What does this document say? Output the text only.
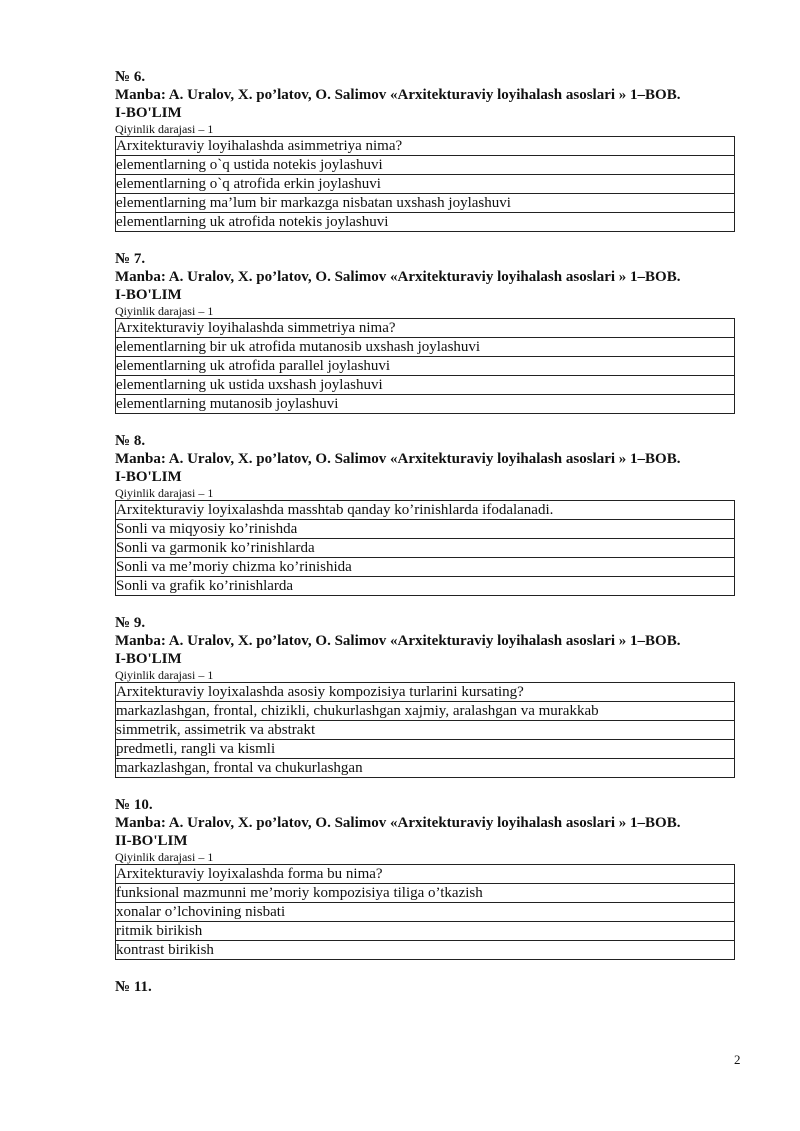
№ 6.
Manba: A. Uralov, X. po’latov, O. Salimov «Arxitekturaviy loyihalash asoslari » 1–BOB.
I-BO'LIM
Qiyinlik darajasi – 1
Arxitekturaviy loyihalashda asimmetriya nima?
elementlarning o`q ustida notekis joylashuvi
elementlarning o`q atrofida erkin joylashuvi
elementlarning ma’lum bir markazga nisbatan uxshash joylashuvi
elementlarning uk atrofida notekis joylashuvi
№ 7.
Manba: A. Uralov, X. po’latov, O. Salimov «Arxitekturaviy loyihalash asoslari » 1–BOB.
I-BO'LIM
Qiyinlik darajasi – 1
Arxitekturaviy loyihalashda simmetriya nima?
elementlarning bir uk atrofida mutanosib uxshash joylashuvi
elementlarning uk atrofida parallel joylashuvi
elementlarning uk ustida uxshash joylashuvi
elementlarning mutanosib joylashuvi
№ 8.
Manba: A. Uralov, X. po’latov, O. Salimov «Arxitekturaviy loyihalash asoslari » 1–BOB.
I-BO'LIM
Qiyinlik darajasi – 1
Arxitekturaviy loyixalashda masshtab qanday ko’rinishlarda ifodalanadi.
Sonli va miqyosiy ko’rinishda
Sonli va garmonik ko’rinishlarda
Sonli va me’moriy chizma ko’rinishida
Sonli va grafik ko’rinishlarda
№ 9.
Manba: A. Uralov, X. po’latov, O. Salimov «Arxitekturaviy loyihalash asoslari » 1–BOB.
I-BO'LIM
Qiyinlik darajasi – 1
Arxitekturaviy loyixalashda asosiy kompozisiya turlarini kursating?
markazlashgan, frontal, chizikli, chukurlashgan xajmiy, aralashgan va murakkab
simmetrik, assimetrik va abstrakt
predmetli, rangli va kismli
markazlashgan, frontal va chukurlashgan
№ 10.
Manba: A. Uralov, X. po’latov, O. Salimov «Arxitekturaviy loyihalash asoslari » 1–BOB.
II-BO'LIM
Qiyinlik darajasi – 1
Arxitekturaviy loyixalashda forma bu nima?
funksional mazmunni me’moriy kompozisiya tiliga o’tkazish
xonalar o’lchovining nisbati
ritmik birikish
kontrast birikish
№ 11.
2
